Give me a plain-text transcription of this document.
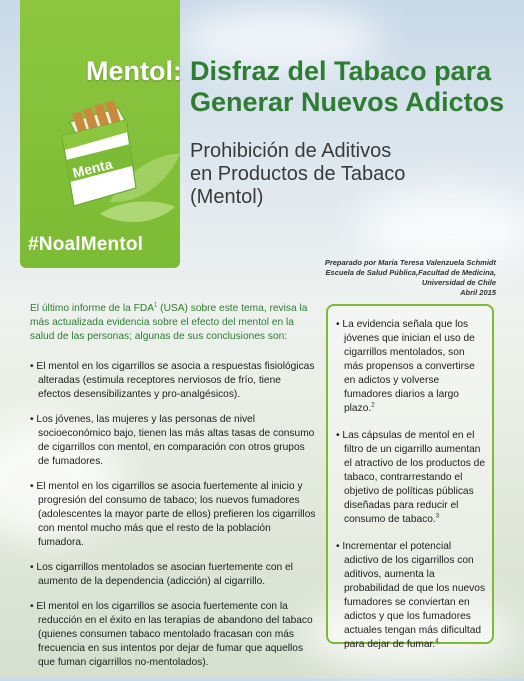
#NoalMentol
Menta
Mentol: Disfraz del Tabaco para
Generar Nuevos Adictos
Prohibición de Aditivos
en Productos de Tabaco
(Mentol)
Preparado por María Teresa Valenzuela Schmidt
Escuela de Salud Pública,Facultad de Medicina,
Universidad de Chile
Abril 2015

El último informe de la FDA$^1$ (USA) sobre este tema, revisa la más actualizada evidencia sobre el efecto del mentol en la salud de las personas; algunas de sus conclusiones son:

• El mentol en los cigarrillos se asocia a respuestas fisiológicas alteradas (estimula receptores nerviosos de frío, tiene efectos desensibilizantes y pro-analgésicos).
• Los jóvenes, las mujeres y las personas de nivel socioeconómico bajo, tienen las más altas tasas de consumo de cigarrillos con mentol, en comparación con otros grupos de fumadores.
• El mentol en los cigarrillos se asocia fuertemente al inicio y progresión del consumo de tabaco; los nuevos fumadores (adolescentes la mayor parte de ellos) prefieren los cigarrillos con mentol mucho más que el resto de la población fumadora.
• Los cigarrillos mentolados se asocian fuertemente con el aumento de la dependencia (adicción) al cigarrillo.
• El mentol en los cigarrillos se asocia fuertemente con la reducción en el éxito en las terapias de abandono del tabaco (quienes consumen tabaco mentolado fracasan con más frecuencia en sus intentos por dejar de fumar que aquellos que fuman cigarrillos no-mentolados).
• La evidencia señala que los jóvenes que inician el uso de cigarrillos mentolados, son más propensos a convertirse en adictos y volverse fumadores diarios a largo plazo.$^2$
• Las cápsulas de mentol en el filtro de un cigarrillo aumentan el atractivo de los productos de tabaco, contrarrestando el objetivo de políticas públicas diseñadas para reducir el consumo de tabaco.$^3$
• Incrementar el potencial adictivo de los cigarrillos con aditivos, aumenta la probabilidad de que los nuevos fumadores se conviertan en adictos y que los fumadores actuales tengan más dificultad para dejar de fumar.$^4$
